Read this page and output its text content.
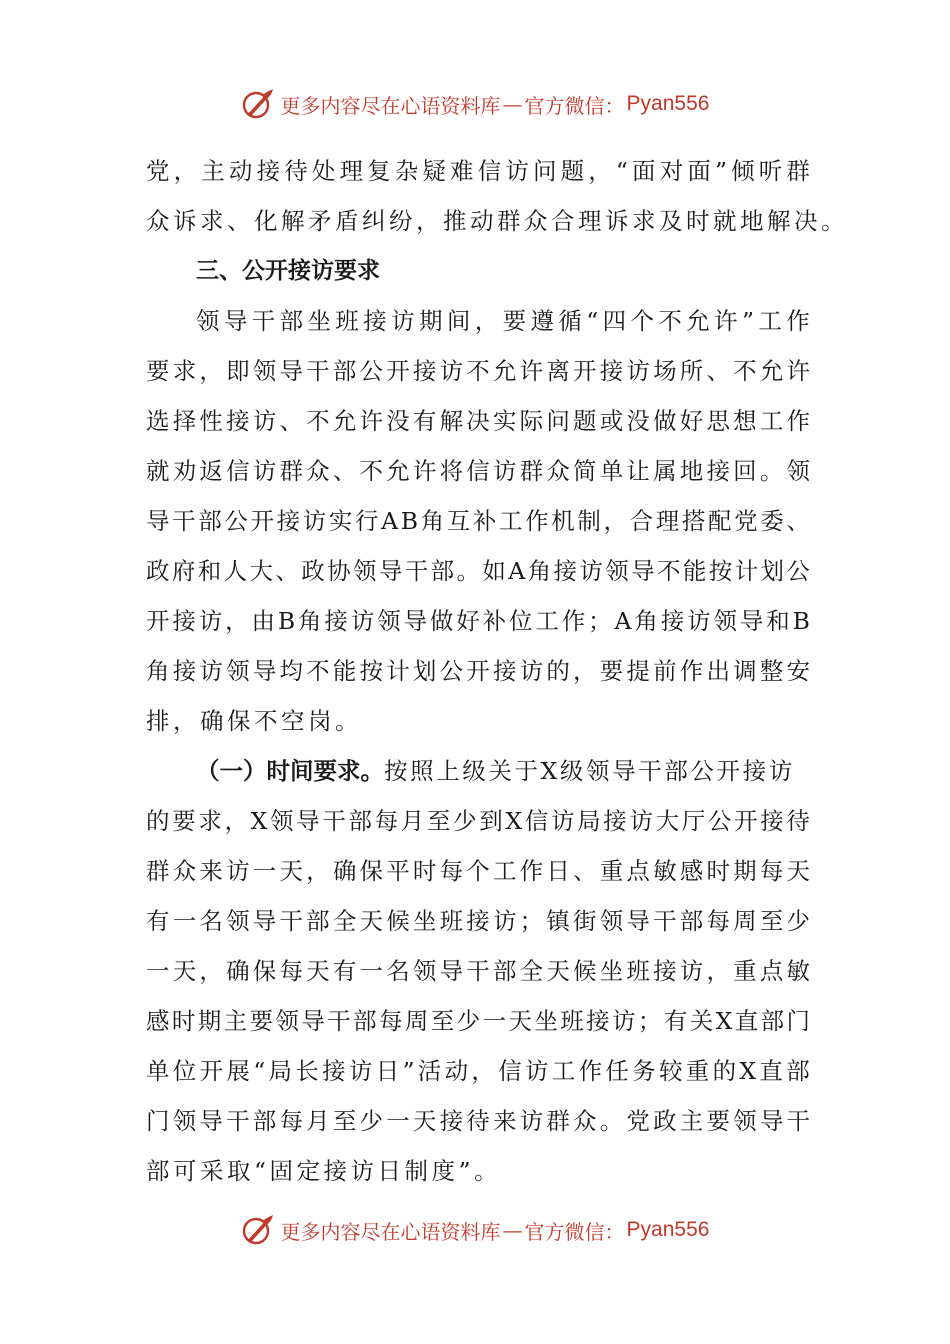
更多内容尽在心语资料库 — 官方微信： Pyan556
党 ， 主 动 接 待 处 理 复 杂 疑 难 信 访 问 题 ， “ 面 对 面 ” 倾 听 群
众诉求、化解矛盾纠纷，推动群众合理诉求及时就地解决。
三、公开接访要求
领 导 干 部 坐 班 接 访 期 间 ， 要 遵 循 “ 四 个 不 允 许 ” 工 作
要 求 ， 即 领 导 干 部 公 开 接 访 不 允 许 离 开 接 访 场 所 、 不 允 许
选 择 性 接 访 、 不 允 许 没 有 解 决 实 际 问 题 或 没 做 好 思 想 工 作
就 劝 返 信 访 群 众 、 不 允 许 将 信 访 群 众 简 单 让 属 地 接 回 。 领
导 干 部 公 开 接 访 实 行 A B 角 互 补 工 作 机 制 ， 合 理 搭 配 党 委 、
政 府 和 人 大 、 政 协 领 导 干 部 。 如 A 角 接 访 领 导 不 能 按 计 划 公
开 接 访 ， 由 B 角 接 访 领 导 做 好 补 位 工 作 ； A 角 接 访 领 导 和 B
角 接 访 领 导 均 不 能 按 计 划 公 开 接 访 的 ， 要 提 前 作 出 调 整 安
排，确保不空岗。
（一）时间要求。 按照上级关于X级领导干部公开接访
的 要 求 ， X 领 导 干 部 每 月 至 少 到 X 信 访 局 接 访 大 厅 公 开 接 待
群 众 来 访 一 天 ， 确 保 平 时 每 个 工 作 日 、 重 点 敏 感 时 期 每 天
有 一 名 领 导 干 部 全 天 候 坐 班 接 访 ； 镇 街 领 导 干 部 每 周 至 少
一 天 ， 确 保 每 天 有 一 名 领 导 干 部 全 天 候 坐 班 接 访 ， 重 点 敏
感 时 期 主 要 领 导 干 部 每 周 至 少 一 天 坐 班 接 访 ； 有 关 X 直 部 门
单 位 开 展 “ 局 长 接 访 日 ” 活 动 ， 信 访 工 作 任 务 较 重 的 X 直 部
门 领 导 干 部 每 月 至 少 一 天 接 待 来 访 群 众 。 党 政 主 要 领 导 干
部可采取“固定接访日制度”。
更多内容尽在心语资料库 — 官方微信： Pyan556
